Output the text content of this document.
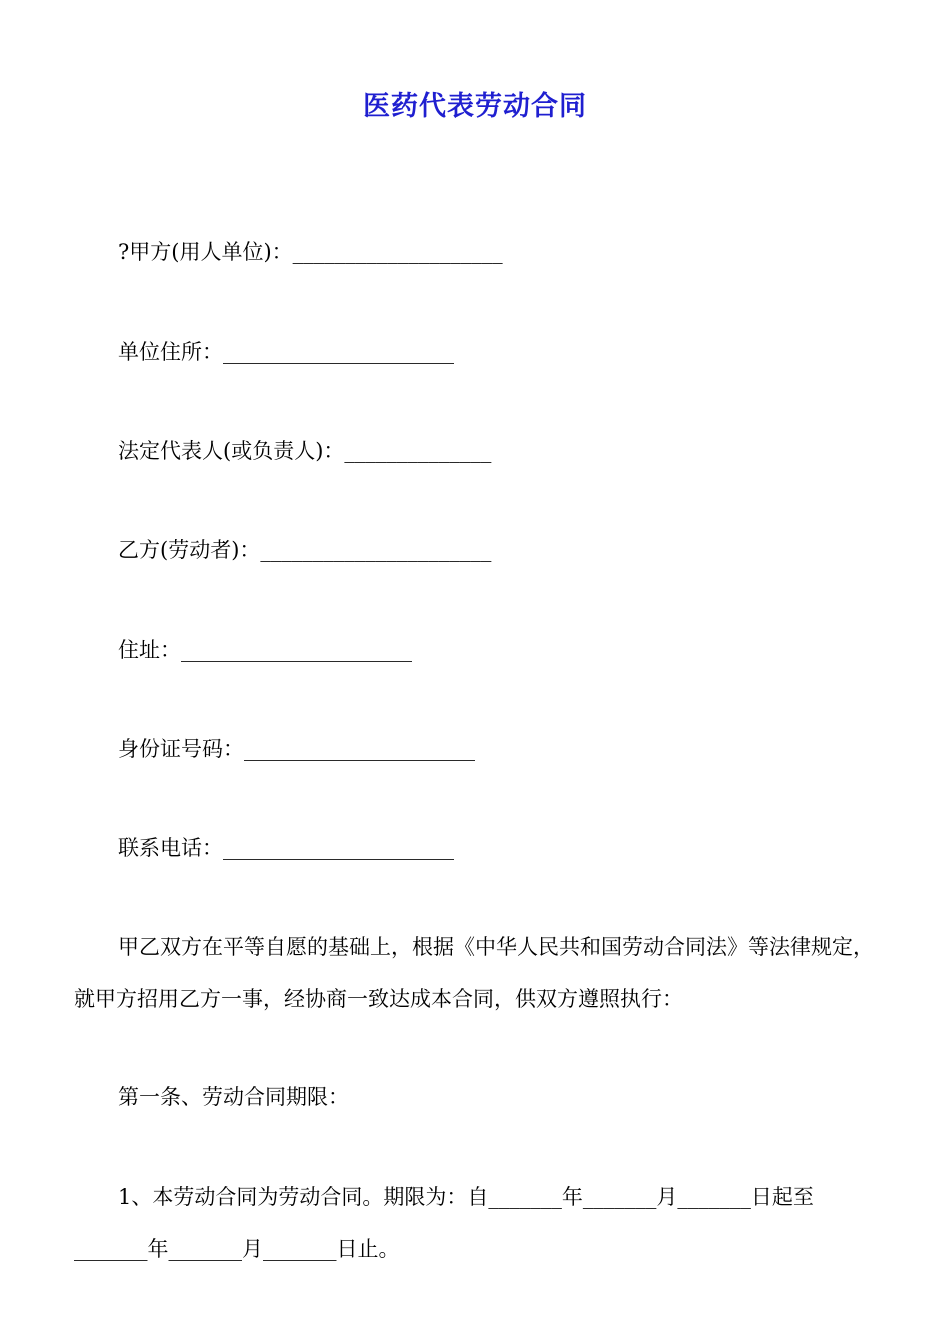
医药代表劳动合同
?甲方(用人单位)：____________________
单位住所：______________________
法定代表人(或负责人)：______________
乙方(劳动者)：______________________
住址：______________________
身份证号码：______________________
联系电话：______________________
甲乙双方在平等自愿的基础上，根据《中华人民共和国劳动合同法》等法律规定，就甲方招用乙方一事，经协商一致达成本合同，供双方遵照执行：
第一条、劳动合同期限：
1、本劳动合同为劳动合同。期限为：自_______年_______月_______日起至_______年_______月_______日止。
